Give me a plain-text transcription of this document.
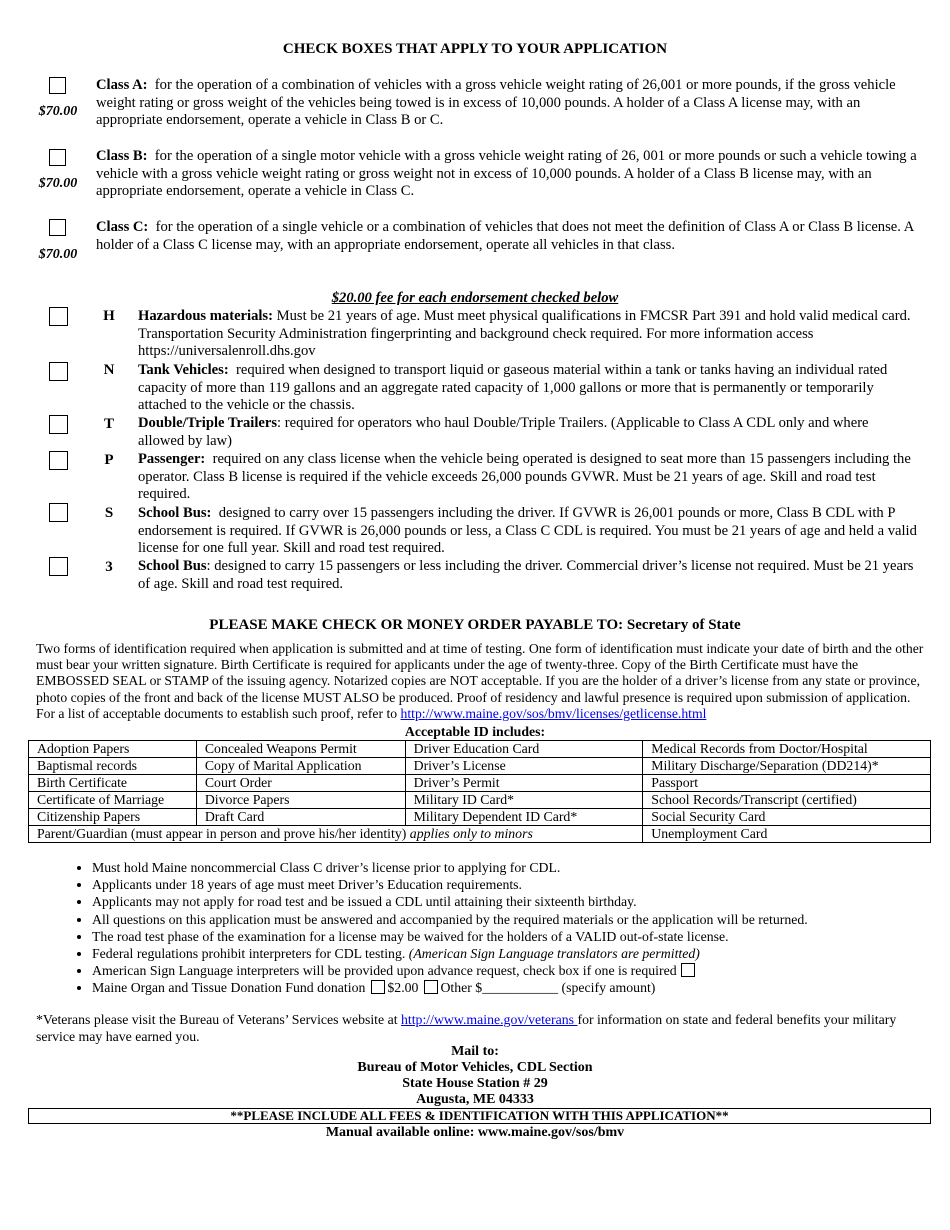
CHECK BOXES THAT APPLY TO YOUR APPLICATION
$70.00
Class A: for the operation of a combination of vehicles with a gross vehicle weight rating of 26,001 or more pounds, if the gross vehicle weight rating or gross weight of the vehicles being towed is in excess of 10,000 pounds. A holder of a Class A license may, with an appropriate endorsement, operate a vehicle in Class B or C.
$70.00
Class B: for the operation of a single motor vehicle with a gross vehicle weight rating of 26, 001 or more pounds or such a vehicle towing a vehicle with a gross vehicle weight rating or gross weight not in excess of 10,000 pounds. A holder of a Class B license may, with an appropriate endorsement, operate a vehicle in Class C.
$70.00
Class C: for the operation of a single vehicle or a combination of vehicles that does not meet the definition of Class A or Class B license. A holder of a Class C license may, with an appropriate endorsement, operate all vehicles in that class.
$20.00 fee for each endorsement checked below
H Hazardous materials: Must be 21 years of age. Must meet physical qualifications in FMCSR Part 391 and hold valid medical card. Transportation Security Administration fingerprinting and background check required. For more information access https://universalenroll.dhs.gov
N	Tank Vehicles: required when designed to transport liquid or gaseous material within a tank or tanks having an individual rated capacity of more than 119 gallons and an aggregate rated capacity of 1,000 gallons or more that is permanently or temporarily attached to the vehicle or the chassis.
T	Double/Triple Trailers: required for operators who haul Double/Triple Trailers. (Applicable to Class A CDL only and where allowed by law)
P	Passenger: required on any class license when the vehicle being operated is designed to seat more than 15 passengers including the operator. Class B license is required if the vehicle exceeds 26,000 pounds GVWR. Must be 21 years of age. Skill and road test required.
S	School Bus: designed to carry over 15 passengers including the driver. If GVWR is 26,001 pounds or more, Class B CDL with P endorsement is required. If GVWR is 26,000 pounds or less, a Class C CDL is required. You must be 21 years of age and held a valid license for one full year. Skill and road test required.
3	School Bus: designed to carry 15 passengers or less including the driver. Commercial driver’s license not required. Must be 21 years of age. Skill and road test required.
PLEASE MAKE CHECK OR MONEY ORDER PAYABLE TO: Secretary of State
Two forms of identification required when application is submitted and at time of testing. One form of identification must indicate your date of birth and the other must bear your written signature. Birth Certificate is required for applicants under the age of twenty-three. Copy of the Birth Certificate must have the EMBOSSED SEAL or STAMP of the issuing agency. Notarized copies are NOT acceptable. If you are the holder of a driver’s license from any state or province, photo copies of the front and back of the license MUST ALSO be produced. Proof of residency and lawful presence is required upon submission of application. For a list of acceptable documents to establish such proof, refer to http://www.maine.gov/sos/bmv/licenses/getlicense.html
Acceptable ID includes:
Adoption Papers	Concealed Weapons Permit	Driver Education Card	Medical Records from Doctor/Hospital
Baptismal records	Copy of Marital Application	Driver’s License	Military Discharge/Separation (DD214)*
Birth Certificate	Court Order	Driver’s Permit	Passport
Certificate of Marriage	Divorce Papers	Military ID Card*	School Records/Transcript (certified)
Citizenship Papers	Draft Card	Military Dependent ID Card*	Social Security Card
Parent/Guardian (must appear in person and prove his/her identity) applies only to minors			Unemployment Card
• Must hold Maine noncommercial Class C driver’s license prior to applying for CDL.
• Applicants under 18 years of age must meet Driver’s Education requirements.
• Applicants may not apply for road test and be issued a CDL until attaining their sixteenth birthday.
• All questions on this application must be answered and accompanied by the required materials or the application will be returned.
• The road test phase of the examination for a license may be waived for the holders of a VALID out-of-state license.
• Federal regulations prohibit interpreters for CDL testing. (American Sign Language translators are permitted)
• American Sign Language interpreters will be provided upon advance request, check box if one is required
• Maine Organ and Tissue Donation Fund donation $2.00 Other $___________ (specify amount)
*Veterans please visit the Bureau of Veterans’ Services website at http://www.maine.gov/veterans for information on state and federal benefits your military service may have earned you.
Mail to:
Bureau of Motor Vehicles, CDL Section
State House Station # 29
Augusta, ME 04333
**PLEASE INCLUDE ALL FEES & IDENTIFICATION WITH THIS APPLICATION**
Manual available online: www.maine.gov/sos/bmv
